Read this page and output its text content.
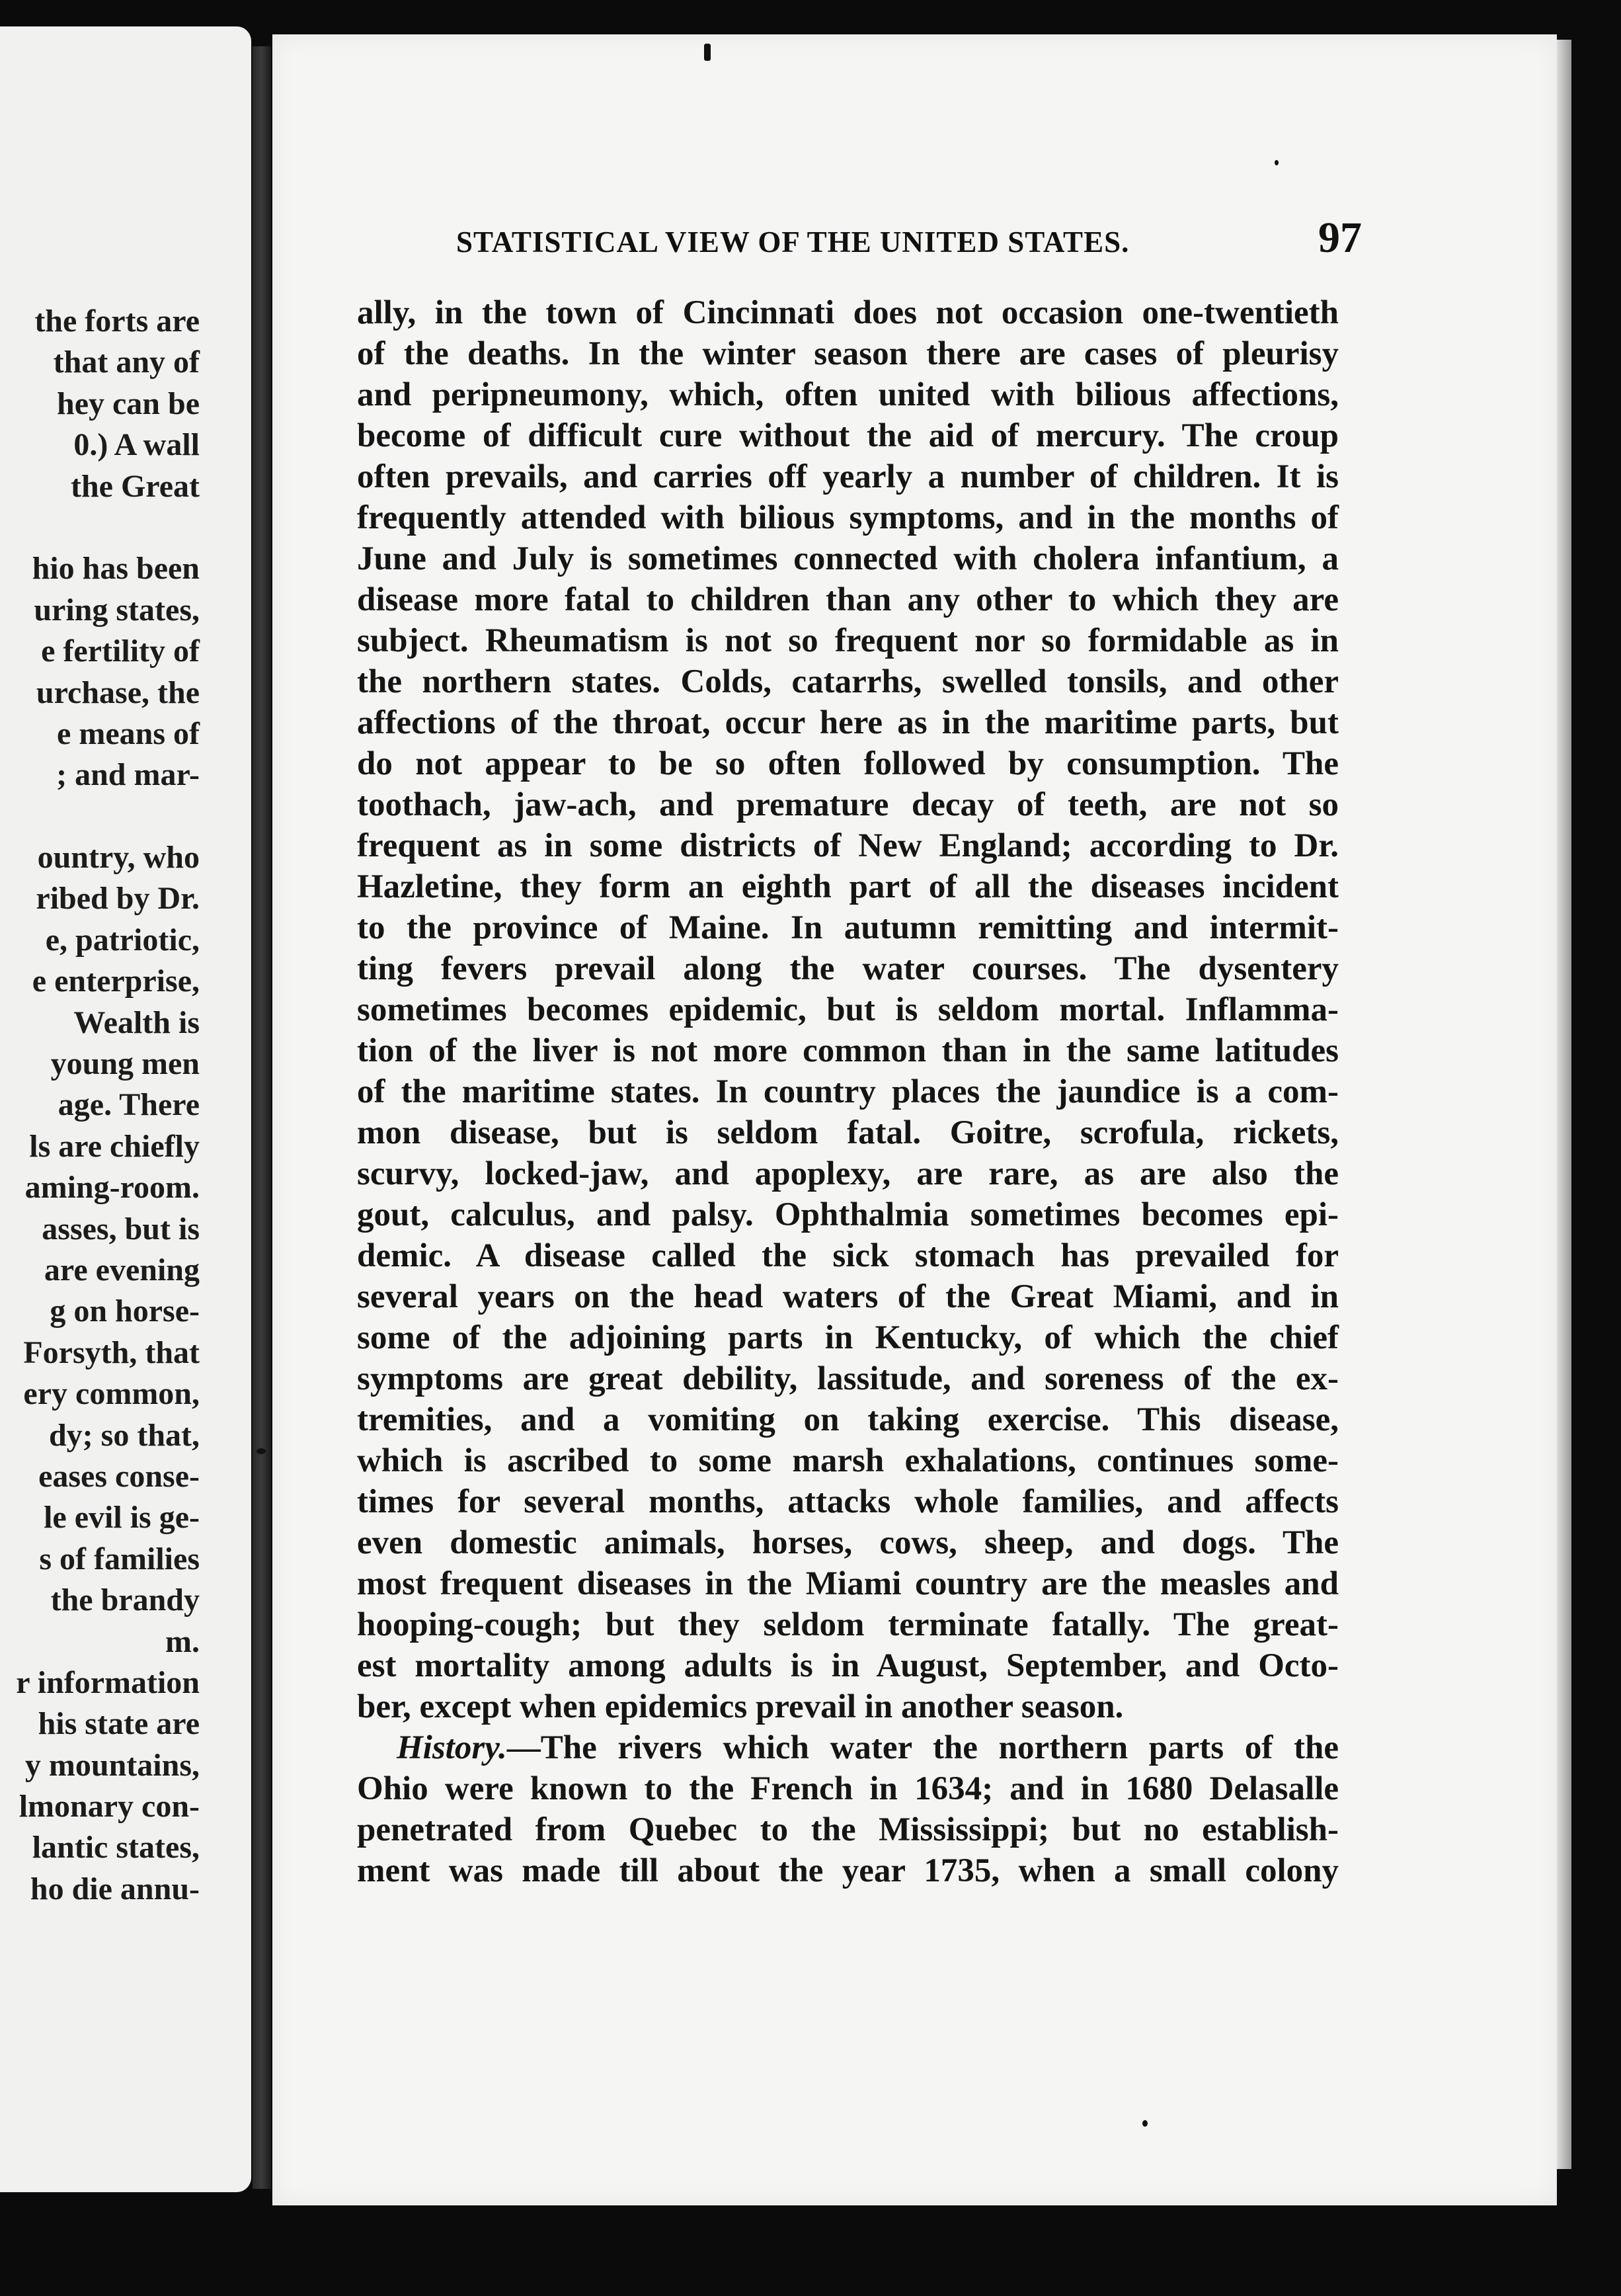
the forts are
that any of
hey can be
0.) A wall
the Great
hio has been
uring states,
e fertility of
urchase, the
e means of
; and mar-
ountry, who
ribed by Dr.
e, patriotic,
e enterprise,
Wealth is
young men
age. There
ls are chiefly
aming-room.
asses, but is
are evening
g on horse-
Forsyth, that
ery common,
dy; so that,
eases conse-
le evil is ge-
s of families
the brandy
m.
r information
his state are
y mountains,
lmonary con-
lantic states,
ho die annu-
STATISTICAL VIEW OF THE UNITED STATES.	97
ally, in the town of Cincinnati does not occasion one-twentieth
of the deaths. In the winter season there are cases of pleurisy
and peripneumony, which, often united with bilious affections,
become of difficult cure without the aid of mercury. The croup
often prevails, and carries off yearly a number of children. It is
frequently attended with bilious symptoms, and in the months of
June and July is sometimes connected with cholera infantium, a
disease more fatal to children than any other to which they are
subject. Rheumatism is not so frequent nor so formidable as in
the northern states. Colds, catarrhs, swelled tonsils, and other
affections of the throat, occur here as in the maritime parts, but
do not appear to be so often followed by consumption. The
toothach, jaw-ach, and premature decay of teeth, are not so
frequent as in some districts of New England; according to Dr.
Hazletine, they form an eighth part of all the diseases incident
to the province of Maine. In autumn remitting and intermit-
ting fevers prevail along the water courses. The dysentery
sometimes becomes epidemic, but is seldom mortal. Inflamma-
tion of the liver is not more common than in the same latitudes
of the maritime states. In country places the jaundice is a com-
mon disease, but is seldom fatal. Goitre, scrofula, rickets,
scurvy, locked-jaw, and apoplexy, are rare, as are also the
gout, calculus, and palsy. Ophthalmia sometimes becomes epi-
demic. A disease called the sick stomach has prevailed for
several years on the head waters of the Great Miami, and in
some of the adjoining parts in Kentucky, of which the chief
symptoms are great debility, lassitude, and soreness of the ex-
tremities, and a vomiting on taking exercise. This disease,
which is ascribed to some marsh exhalations, continues some-
times for several months, attacks whole families, and affects
even domestic animals, horses, cows, sheep, and dogs. The
most frequent diseases in the Miami country are the measles and
hooping-cough; but they seldom terminate fatally. The great-
est mortality among adults is in August, September, and Octo-
ber, except when epidemics prevail in another season.
History.—The rivers which water the northern parts of the
Ohio were known to the French in 1634; and in 1680 Delasalle
penetrated from Quebec to the Mississippi; but no establish-
ment was made till about the year 1735, when a small colony
